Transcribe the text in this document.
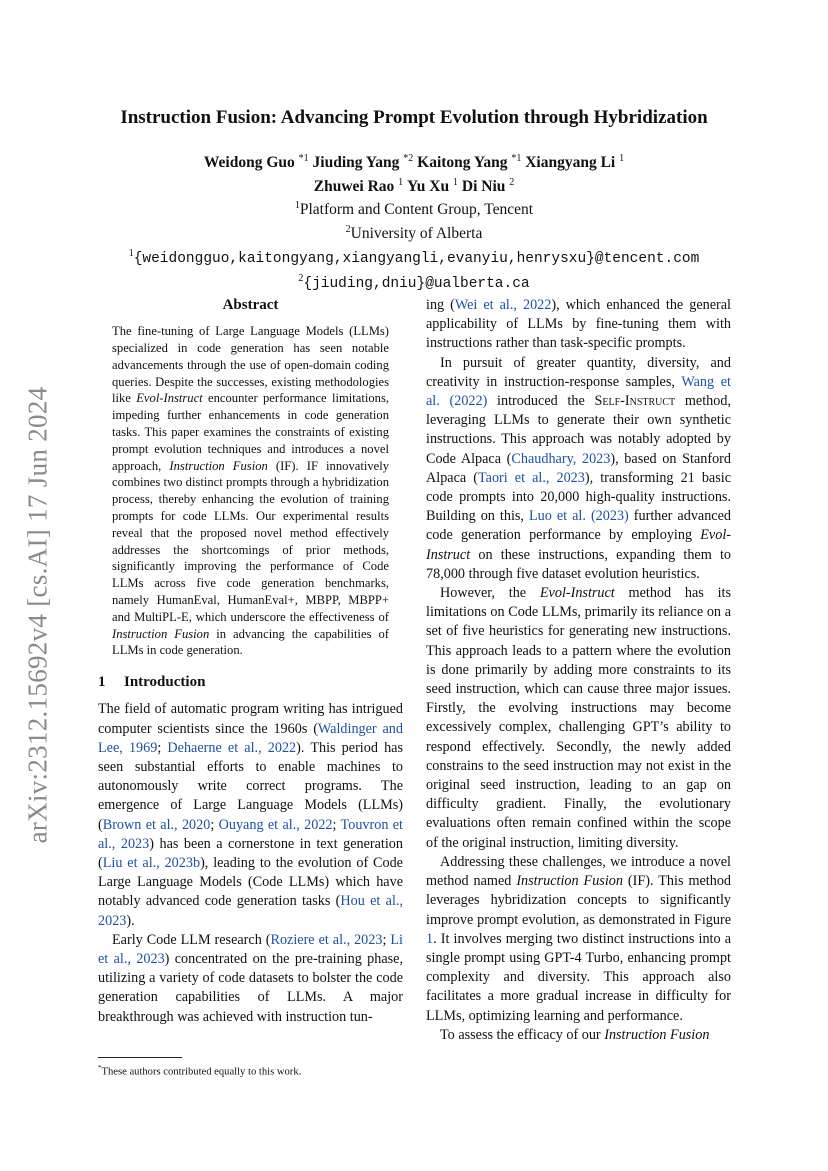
arXiv:2312.15692v4 [cs.AI] 17 Jun 2024
Instruction Fusion: Advancing Prompt Evolution through Hybridization
Weidong Guo $^{*1}$ Jiuding Yang $^{*2}$ Kaitong Yang $^{*1}$ Xiangyang Li $^1$
Zhuwei Rao $^1$ Yu Xu $^1$ Di Niu $^2$
$^1$Platform and Content Group, Tencent
$^2$University of Alberta
$^1${weidongguo,kaitongyang,xiangyangli,evanyiu,henrysxu}@tencent.com
$^2${jiuding,dniu}@ualberta.ca
Abstract

The fine-tuning of Large Language Models (LLMs) specialized in code generation has seen notable advancements through the use of open-domain coding queries. Despite the successes, existing methodologies like Evol-Instruct encounter performance limitations, impeding further enhancements in code generation tasks. This paper examines the constraints of existing prompt evolution techniques and introduces a novel approach, Instruction Fusion (IF). IF innovatively combines two distinct prompts through a hybridization process, thereby enhancing the evolution of training prompts for code LLMs. Our experimental results reveal that the proposed novel method effectively addresses the shortcomings of prior methods, significantly improving the performance of Code LLMs across five code generation benchmarks, namely HumanEval, HumanEval+, MBPP, MBPP+ and MultiPL-E, which underscore the effectiveness of Instruction Fusion in advancing the capabilities of LLMs in code generation.

1 Introduction

The field of automatic program writing has intrigued computer scientists since the 1960s (Waldinger and Lee, 1969; Dehaerne et al., 2022). This period has seen substantial efforts to enable machines to autonomously write correct programs. The emergence of Large Language Models (LLMs) (Brown et al., 2020; Ouyang et al., 2022; Touvron et al., 2023) has been a cornerstone in text generation (Liu et al., 2023b), leading to the evolution of Code Large Language Models (Code LLMs) which have notably advanced code generation tasks (Hou et al., 2023).

Early Code LLM research (Roziere et al., 2023; Li et al., 2023) concentrated on the pre-training phase, utilizing a variety of code datasets to bolster the code generation capabilities of LLMs. A major breakthrough was achieved with instruction tun-

*These authors contributed equally to this work.

ing (Wei et al., 2022), which enhanced the general applicability of LLMs by fine-tuning them with instructions rather than task-specific prompts.

In pursuit of greater quantity, diversity, and creativity in instruction-response samples, Wang et al. (2022) introduced the Self-Instruct method, leveraging LLMs to generate their own synthetic instructions. This approach was notably adopted by Code Alpaca (Chaudhary, 2023), based on Stanford Alpaca (Taori et al., 2023), transforming 21 basic code prompts into 20,000 high-quality instructions. Building on this, Luo et al. (2023) further advanced code generation performance by employing Evol-Instruct on these instructions, expanding them to 78,000 through five dataset evolution heuristics.

However, the Evol-Instruct method has its limitations on Code LLMs, primarily its reliance on a set of five heuristics for generating new instructions. This approach leads to a pattern where the evolution is done primarily by adding more constraints to its seed instruction, which can cause three major issues. Firstly, the evolving instructions may become excessively complex, challenging GPT’s ability to respond effectively. Secondly, the newly added constrains to the seed instruction may not exist in the original seed instruction, leading to an gap on difficulty gradient. Finally, the evolutionary evaluations often remain confined within the scope of the original instruction, limiting diversity.

Addressing these challenges, we introduce a novel method named Instruction Fusion (IF). This method leverages hybridization concepts to significantly improve prompt evolution, as demonstrated in Figure 1. It involves merging two distinct instructions into a single prompt using GPT-4 Turbo, enhancing prompt complexity and diversity. This approach also facilitates a more gradual increase in difficulty for LLMs, optimizing learning and performance.

To assess the efficacy of our Instruction Fusion
